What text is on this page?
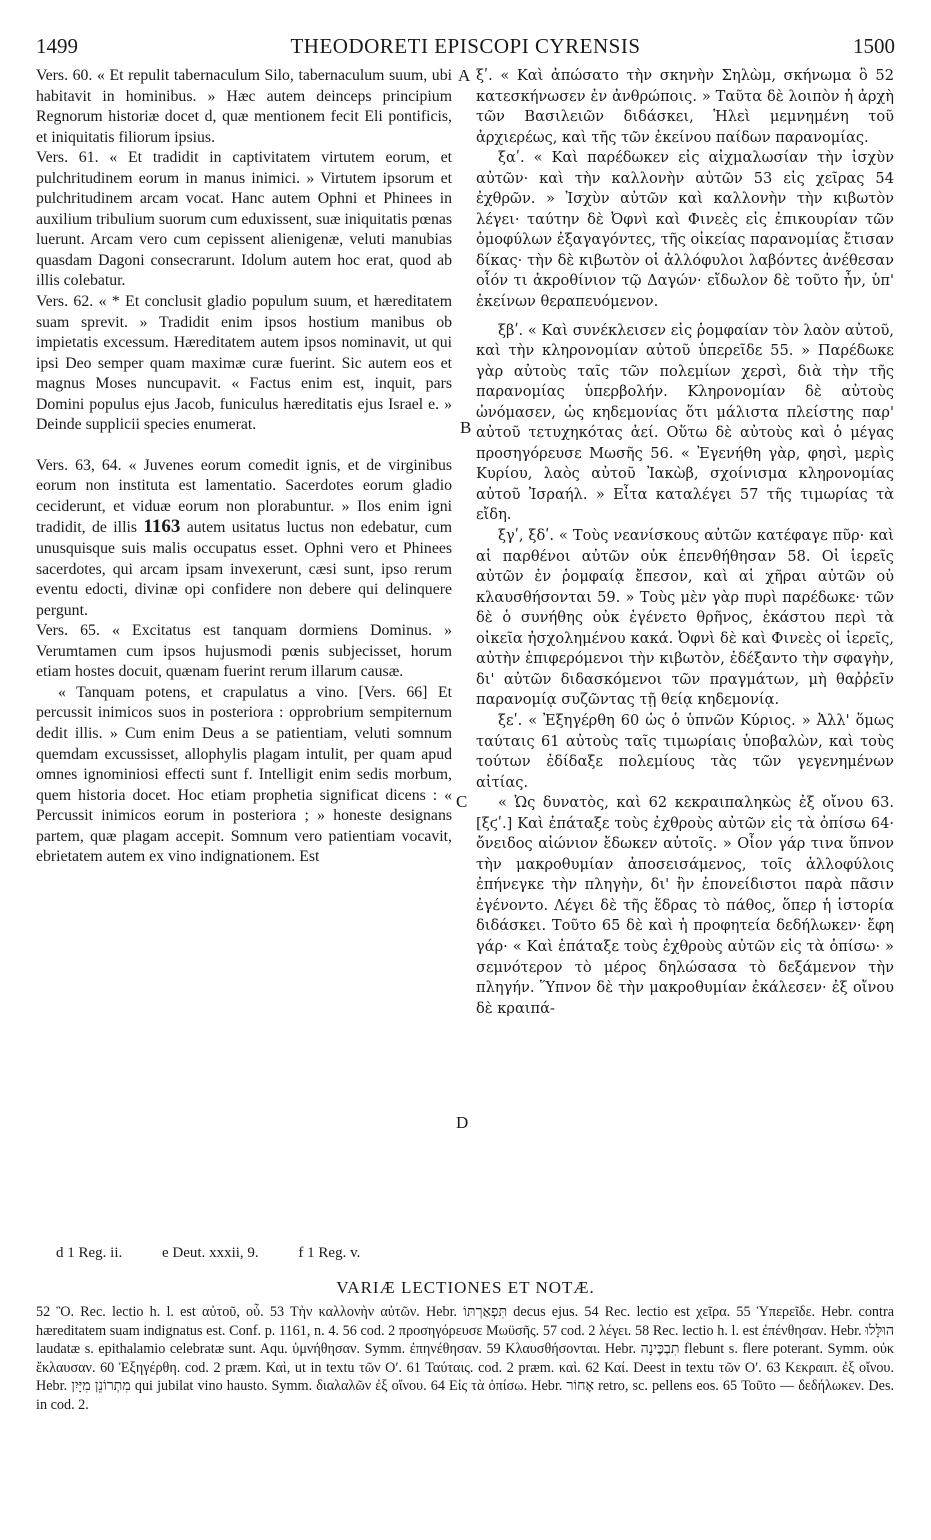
1499	THEODORETI EPISCOPI CYRENSIS	1500

Vers. 60. « Et repulit tabernaculum Silo, tabernaculum suum, ubi habitavit in hominibus. » Hæc autem deinceps principium Regnorum historiæ docet d, quæ mentionem fecit Eli pontificis, et iniquitatis filiorum ipsius.

Vers. 61. « Et tradidit in captivitatem virtutem eorum, et pulchritudinem eorum in manus inimici. » Virtutem ipsorum et pulchritudinem arcam vocat. Hanc autem Ophni et Phinees in auxilium tribulium suorum cum eduxissent, suæ iniquitatis pœnas luerunt. Arcam vero cum cepissent alienigenæ, veluti manubias quasdam Dagoni consecrarunt. Idolum autem hoc erat, quod ab illis colebatur.

Vers. 62. « * Et conclusit gladio populum suum, et hæreditatem suam sprevit. » Tradidit enim ipsos hostium manibus ob impietatis excessum. Hæreditatem autem ipsos nominavit, ut qui ipsi Deo semper quam maximæ curæ fuerint. Sic autem eos et magnus Moses nuncupavit. « Factus enim est, inquit, pars Domini populus ejus Jacob, funiculus hæreditatis ejus Israel e. » Deinde supplicii species enumerat.

Vers. 63, 64. « Juvenes eorum comedit ignis, et de virginibus eorum non instituta est lamentatio. Sacerdotes eorum gladio ceciderunt, et viduæ eorum non plorabuntur. » Ilos enim igni tradidit, de illis 1163 autem usitatus luctus non edebatur, cum unusquisque suis malis occupatus esset. Ophni vero et Phinees sacerdotes, qui arcam ipsam invexerunt, cæsi sunt, ipso rerum eventu edocti, divinæ opi confidere non debere qui delinquere pergunt.

Vers. 65. « Excitatus est tanquam dormiens Dominus. » Verumtamen cum ipsos hujusmodi pœnis subjecisset, horum etiam hostes docuit, quænam fuerint rerum illarum causæ.

« Tanquam potens, et crapulatus a vino. [Vers. 66] Et percussit inimicos suos in posteriora : opprobrium sempiternum dedit illis. » Cum enim Deus a se patientiam, veluti somnum quemdam excussisset, allophylis plagam intulit, per quam apud omnes ignominiosi effecti sunt f. Intelligit enim sedis morbum, quem historia docet. Hoc etiam prophetia significat dicens : « Percussit inimicos eorum in posteriora ; » honeste designans partem, quæ plagam accepit. Somnum vero patientiam vocavit, ebrietatem autem ex vino indignationem. Est

A
B
C
D

ξʹ. « Καὶ ἀπώσατο τὴν σκηνὴν Σηλὼμ, σκήνωμα ὃ 52 κατεσκήνωσεν ἐν ἀνθρώποις. » Ταῦτα δὲ λοιπὸν ἡ ἀρχὴ τῶν Βασιλειῶν διδάσκει, Ἡλεὶ μεμνημένη τοῦ ἀρχιερέως, καὶ τῆς τῶν ἐκείνου παίδων παρανομίας.

ξαʹ. « Καὶ παρέδωκεν εἰς αἰχμαλωσίαν τὴν ἰσχὺν αὐτῶν· καὶ τὴν καλλονὴν αὐτῶν 53 εἰς χεῖρας 54 ἐχθρῶν. » Ἰσχὺν αὐτῶν καὶ καλλονὴν τὴν κιβωτὸν λέγει· ταύτην δὲ Ὀφνὶ καὶ Φινεὲς εἰς ἐπικουρίαν τῶν ὁμοφύλων ἐξαγαγόντες, τῆς οἰκείας παρανομίας ἔτισαν δίκας· τὴν δὲ κιβωτὸν οἱ ἀλλόφυλοι λαβόντες ἀνέθεσαν οἷόν τι ἀκροθίνιον τῷ Δαγών· εἴδωλον δὲ τοῦτο ἦν, ὑπ' ἐκείνων θεραπευόμενον.

ξβʹ. « Καὶ συνέκλεισεν εἰς ῥομφαίαν τὸν λαὸν αὐτοῦ, καὶ τὴν κληρονομίαν αὐτοῦ ὑπερεῖδε 55. » Παρέδωκε γὰρ αὐτοὺς ταῖς τῶν πολεμίων χερσὶ, διὰ τὴν τῆς παρανομίας ὑπερβολήν. Κληρονομίαν δὲ αὐτοὺς ὠνόμασεν, ὡς κηδεμονίας ὅτι μάλιστα πλείστης παρ' αὐτοῦ τετυχηκότας ἀεί. Οὕτω δὲ αὐτοὺς καὶ ὁ μέγας προσηγόρευσε Μωσῆς 56. « Ἐγενήθη γὰρ, φησὶ, μερὶς Κυρίου, λαὸς αὐτοῦ Ἰακὼβ, σχοίνισμα κληρονομίας αὐτοῦ Ἰσραήλ. » Εἶτα καταλέγει 57 τῆς τιμωρίας τὰ εἴδη.

ξγʹ, ξδʹ. « Τοὺς νεανίσκους αὐτῶν κατέφαγε πῦρ· καὶ αἱ παρθένοι αὐτῶν οὐκ ἐπενθήθησαν 58. Οἱ ἱερεῖς αὐτῶν ἐν ῥομφαίᾳ ἔπεσον, καὶ αἱ χῆραι αὐτῶν οὐ κλαυσθήσονται 59. » Τοὺς μὲν γὰρ πυρὶ παρέδωκε· τῶν δὲ ὁ συνήθης οὐκ ἐγένετο θρῆνος, ἑκάστου περὶ τὰ οἰκεῖα ἠσχολημένου κακά. Ὀφνὶ δὲ καὶ Φινεὲς οἱ ἱερεῖς, αὐτὴν ἐπιφερόμενοι τὴν κιβωτὸν, ἐδέξαντο τὴν σφαγὴν, δι' αὐτῶν διδασκόμενοι τῶν πραγμάτων, μὴ θαῤῥεῖν παρανομίᾳ συζῶντας τῇ θείᾳ κηδεμονίᾳ.

ξεʹ. « Ἐξηγέρθη 60 ὡς ὁ ὑπνῶν Κύριος. » Ἀλλ' ὅμως ταύταις 61 αὐτοὺς ταῖς τιμωρίαις ὑποβαλὼν, καὶ τοὺς τούτων ἐδίδαξε πολεμίους τὰς τῶν γεγενημένων αἰτίας.

« Ὡς δυνατὸς, καὶ 62 κεκραιπαληκὼς ἐξ οἴνου 63. [ξϛʹ.] Καὶ ἐπάταξε τοὺς ἐχθροὺς αὐτῶν εἰς τὰ ὀπίσω 64· ὄνειδος αἰώνιον ἔδωκεν αὐτοῖς. » Οἷον γάρ τινα ὕπνον τὴν μακροθυμίαν ἀποσεισάμενος, τοῖς ἀλλοφύλοις ἐπήνεγκε τὴν πληγὴν, δι' ἣν ἐπονείδιστοι παρὰ πᾶσιν ἐγένοντο. Λέγει δὲ τῆς ἕδρας τὸ πάθος, ὅπερ ἡ ἱστορία διδάσκει. Τοῦτο 65 δὲ καὶ ἡ προφητεία δεδήλωκεν· ἔφη γάρ· « Καὶ ἐπάταξε τοὺς ἐχθροὺς αὐτῶν εἰς τὰ ὀπίσω· » σεμνότερον τὸ μέρος δηλώσασα τὸ δεξάμενον τὴν πληγήν. Ὕπνον δὲ τὴν μακροθυμίαν ἐκάλεσεν· ἐξ οἴνου δὲ κραιπά-

d 1 Reg. ii.	e Deut. xxxii, 9.	f 1 Reg. v.
VARIÆ LECTIONES ET NOTÆ.

52 Ὃ. Rec. lectio h. l. est αὐτοῦ, οὗ. 53 Τὴν καλλονὴν αὐτῶν. Hebr. תִּפְאַרְתּוֹ decus ejus. 54 Rec. lectio est χεῖρα. 55 Ὑπερεῖδε. Hebr. contra hæreditatem suam indignatus est. Conf. p. 1161, n. 4. 56 cod. 2 προσηγόρευσε Μωϋσῆς. 57 cod. 2 λέγει. 58 Rec. lectio h. l. est ἐπένθησαν. Hebr. הוּלָּלוּ laudatæ s. epithalamio celebratæ sunt. Aqu. ὑμνήθησαν. Symm. ἐπηνέθησαν. 59 Κλαυσθήσονται. Hebr. תִבְכֶּינָה flebunt s. flere poterant. Symm. οὐκ ἔκλαυσαν. 60 Ἐξηγέρθη. cod. 2 præm. Καὶ, ut in textu τῶν Οʹ. 61 Ταύταις. cod. 2 præm. καὶ. 62 Καί. Deest in textu τῶν Οʹ. 63 Κεκραιπ. ἐξ οἴνου. Hebr. מִתְרוֹנֵן מִיָּיִן qui jubilat vino hausto. Symm. διαλαλῶν ἐξ οἴνου. 64 Εἰς τὰ ὀπίσω. Hebr. אָחוֹר retro, sc. pellens eos. 65 Τοῦτο — δεδήλωκεν. Des. in cod. 2.
